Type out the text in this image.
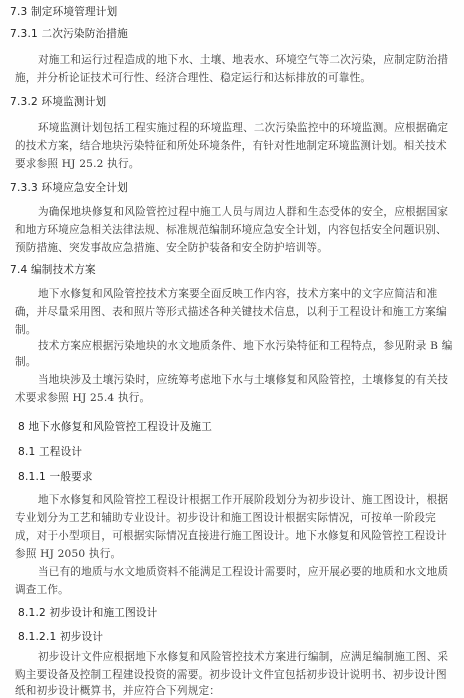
7.3 制定环境管理计划
7.3.1 二次污染防治措施
对施工和运行过程造成的地下水、土壤、地表水、环境空气等二次污染，应制定防治措
施，并分析论证技术可行性、经济合理性、稳定运行和达标排放的可靠性。
7.3.2 环境监测计划
环境监测计划包括工程实施过程的环境监理、二次污染监控中的环境监测。应根据确定
的技术方案，结合地块污染特征和所处环境条件，有针对性地制定环境监测计划。相关技术
要求参照 HJ 25.2 执行。
7.3.3 环境应急安全计划
为确保地块修复和风险管控过程中施工人员与周边人群和生态受体的安全，应根据国家
和地方环境应急相关法律法规、标准规范编制环境应急安全计划，内容包括安全问题识别、
预防措施、突发事故应急措施、安全防护装备和安全防护培训等。
7.4 编制技术方案
地下水修复和风险管控技术方案要全面反映工作内容，技术方案中的文字应简洁和准
确，并尽量采用图、表和照片等形式描述各种关键技术信息，以利于工程设计和施工方案编
制。
技术方案应根据污染地块的水文地质条件、地下水污染特征和工程特点，参见附录 B 编
制。
当地块涉及土壤污染时，应统筹考虑地下水与土壤修复和风险管控，土壤修复的有关技
术要求参照 HJ 25.4 执行。
8 地下水修复和风险管控工程设计及施工
8.1 工程设计
8.1.1 一般要求
地下水修复和风险管控工程设计根据工作开展阶段划分为初步设计、施工图设计，根据
专业划分为工艺和辅助专业设计。初步设计和施工图设计根据实际情况，可按单一阶段完
成，对于小型项目，可根据实际情况直接进行施工图设计。地下水修复和风险管控工程设计
参照 HJ 2050 执行。
当已有的地质与水文地质资料不能满足工程设计需要时，应开展必要的地质和水文地质
调查工作。
8.1.2 初步设计和施工图设计
8.1.2.1 初步设计
初步设计文件应根据地下水修复和风险管控技术方案进行编制，应满足编制施工图、采
购主要设备及控制工程建设投资的需要。初步设计文件宜包括初步设计说明书、初步设计图
纸和初步设计概算书，并应符合下列规定：
